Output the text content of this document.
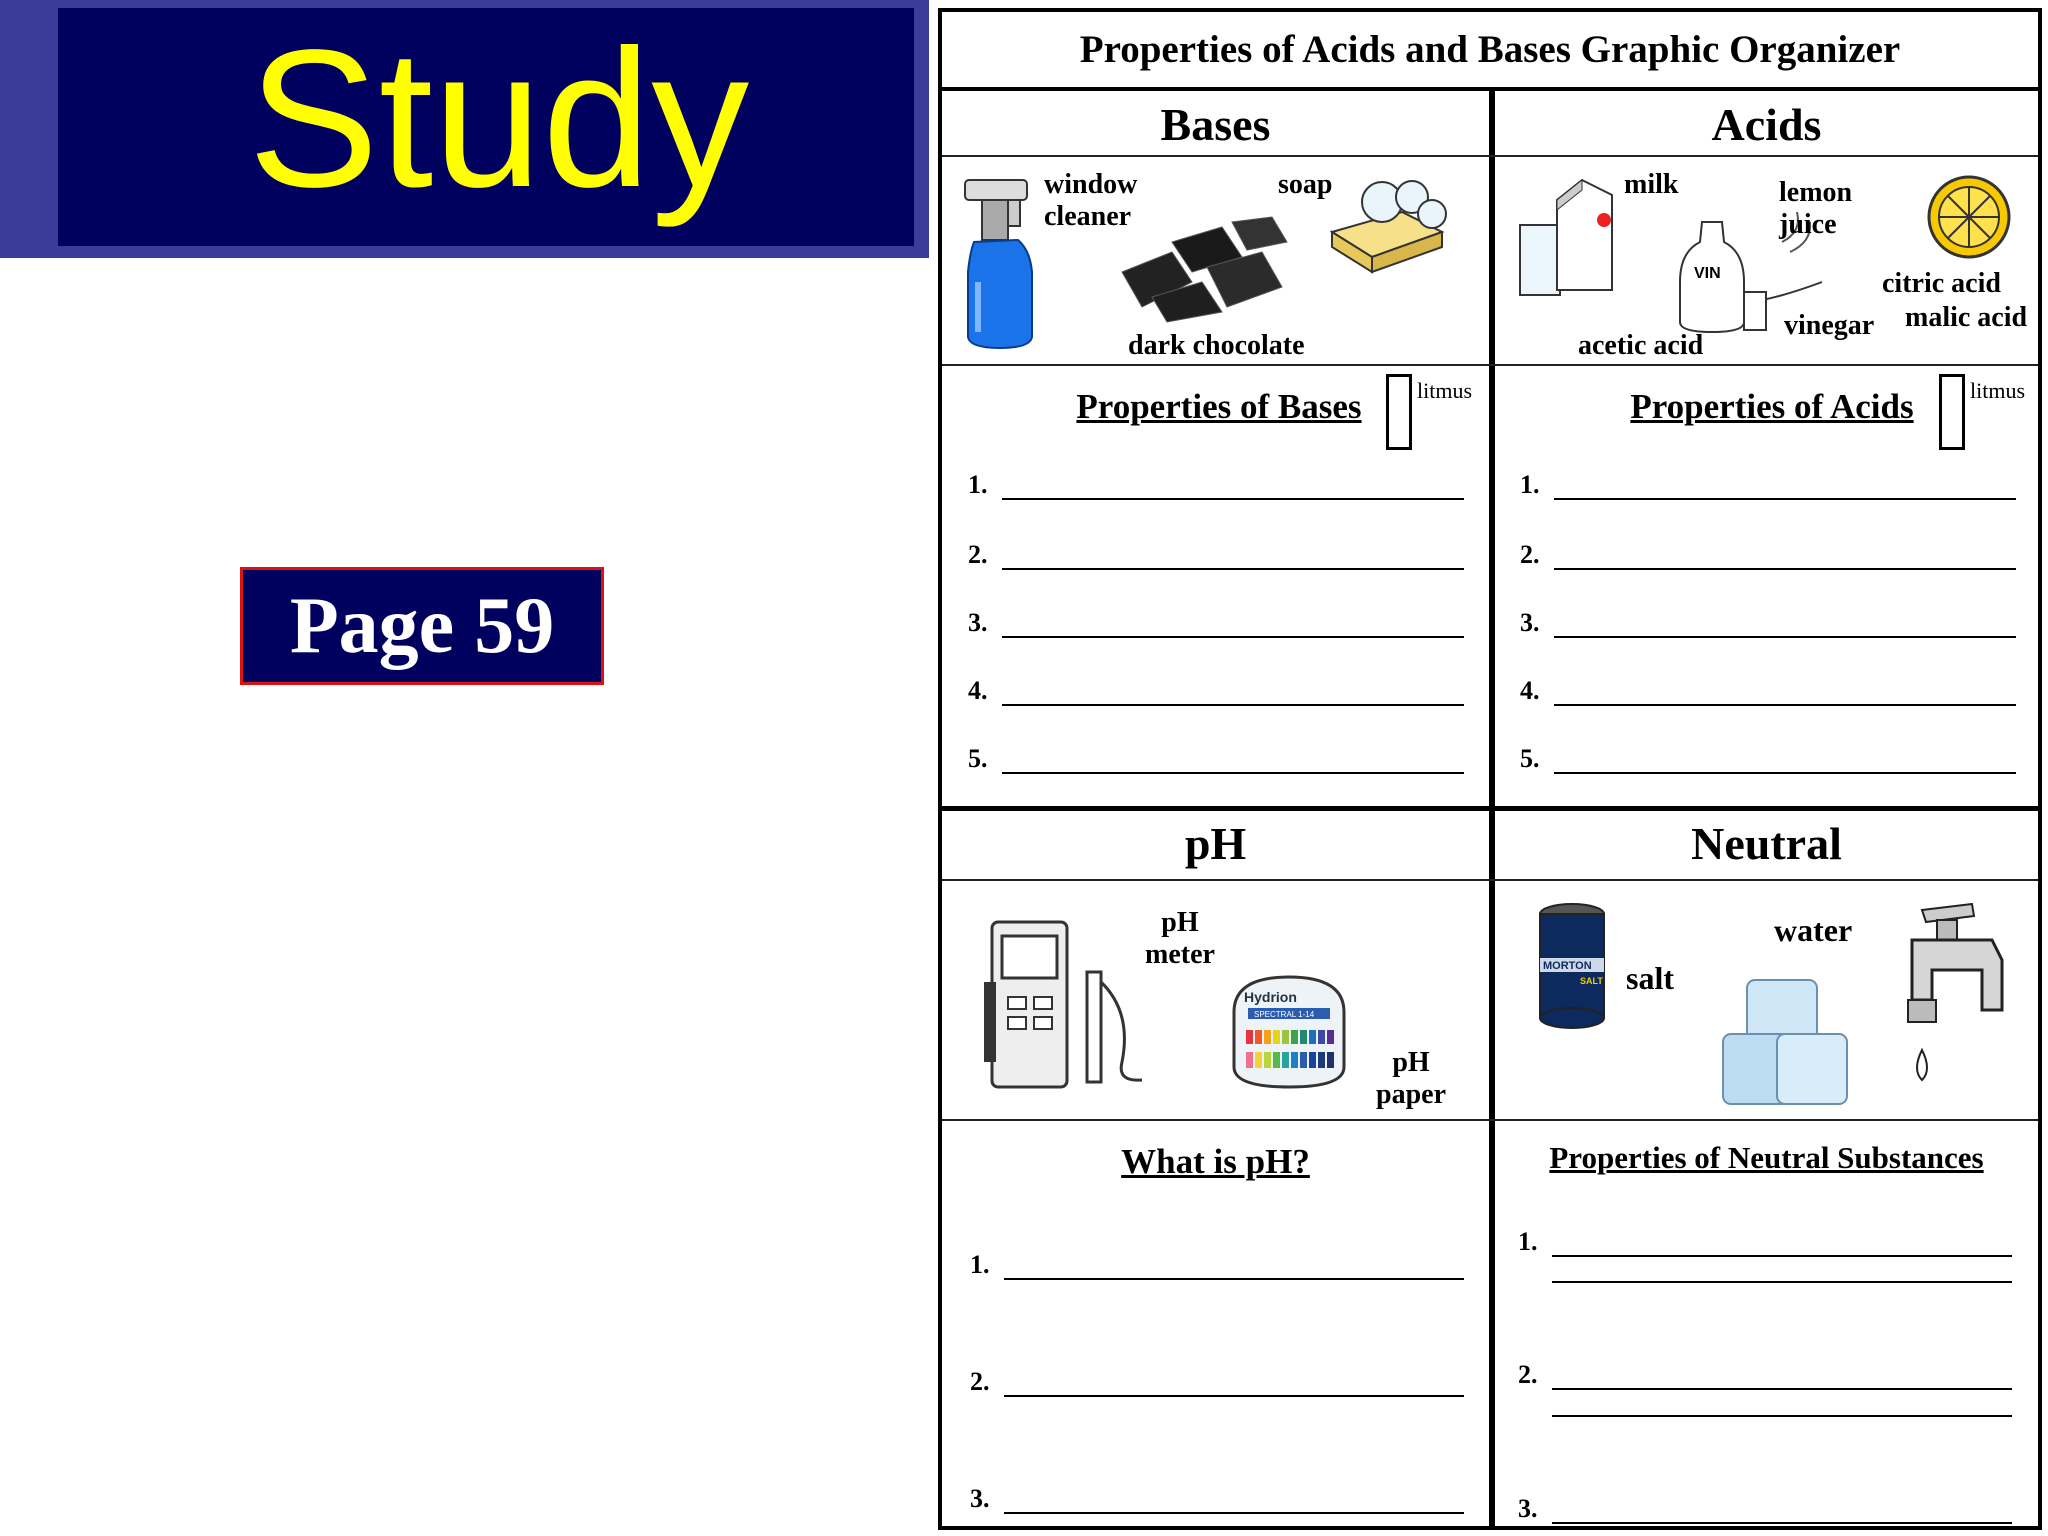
Study
Page 59
Properties of Acids and Bases Graphic Organizer
Bases
window
cleaner
soap
dark chocolate
Properties of Bases	litmus
1.
2.
3.
4.
5.
Acids
milk
VIN
lemon
juice
citric acid
malic acid
vinegar
acetic acid
Properties of Acids	litmus
1.
2.
3.
4.
5.
pH
pH
meter
Hydrion
SPECTRAL 1-14
pH
paper
What is pH?
1.
2.
3.
Neutral
MORTON
SALT salt
water
Properties of Neutral Substances
1.
2.
3.
